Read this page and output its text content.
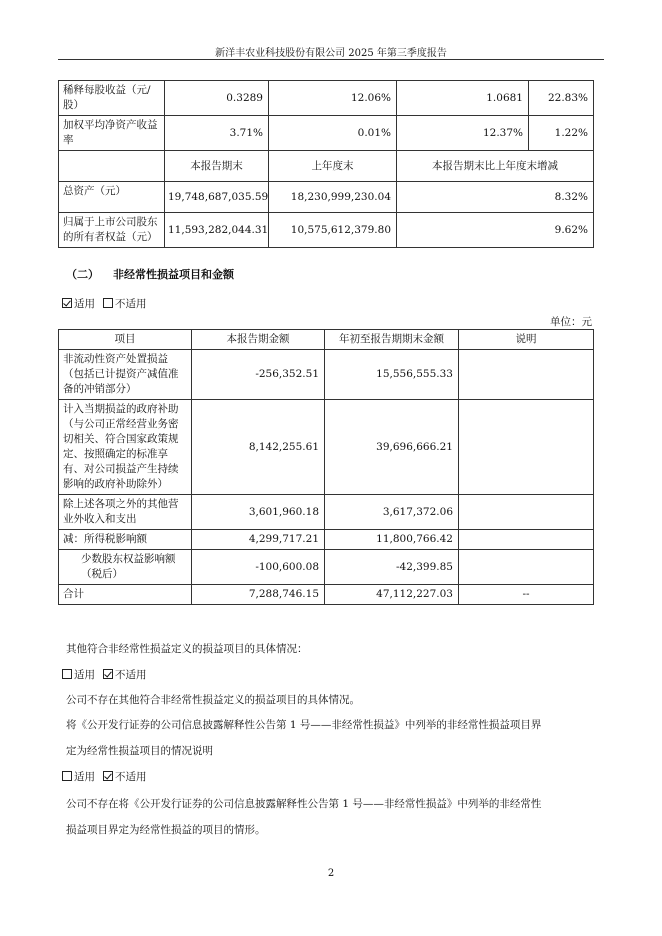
新洋丰农业科技股份有限公司 2025 年第三季度报告
稀释每股收益（元/股）	0.3289	12.06%	1.0681	22.83%
加权平均净资产收益率	3.71%	0.01%	12.37%	1.22%
	本报告期末	上年度末	本报告期末比上年度末增减	
总资产（元）	19,748,687,035.59	18,230,999,230.04	8.32%	
归属于上市公司股东的所有者权益（元）	11,593,282,044.31	10,575,612,379.80	9.62%	
（二） 非经常性损益项目和金额
适用 不适用
单位：元
项目	本报告期金额	年初至报告期期末金额	说明
非流动性资产处置损益（包括已计提资产减值准备的冲销部分）	-256,352.51	15,556,555.33	
计入当期损益的政府补助（与公司正常经营业务密切相关、符合国家政策规定、按照确定的标准享有、对公司损益产生持续影响的政府补助除外）	8,142,255.61	39,696,666.21	
除上述各项之外的其他营业外收入和支出	3,601,960.18	3,617,372.06	
减：所得税影响额	4,299,717.21	11,800,766.42	
少数股东权益影响额（税后）	-100,600.08	-42,399.85	
合计	7,288,746.15	47,112,227.03	--
其他符合非经常性损益定义的损益项目的具体情况：
适用 不适用
公司不存在其他符合非经常性损益定义的损益项目的具体情况。
将《公开发行证券的公司信息披露解释性公告第 1 号——非经常性损益》中列举的非经常性损益项目界
定为经常性损益项目的情况说明
适用 不适用
公司不存在将《公开发行证券的公司信息披露解释性公告第 1 号——非经常性损益》中列举的非经常性
损益项目界定为经常性损益的项目的情形。
2
